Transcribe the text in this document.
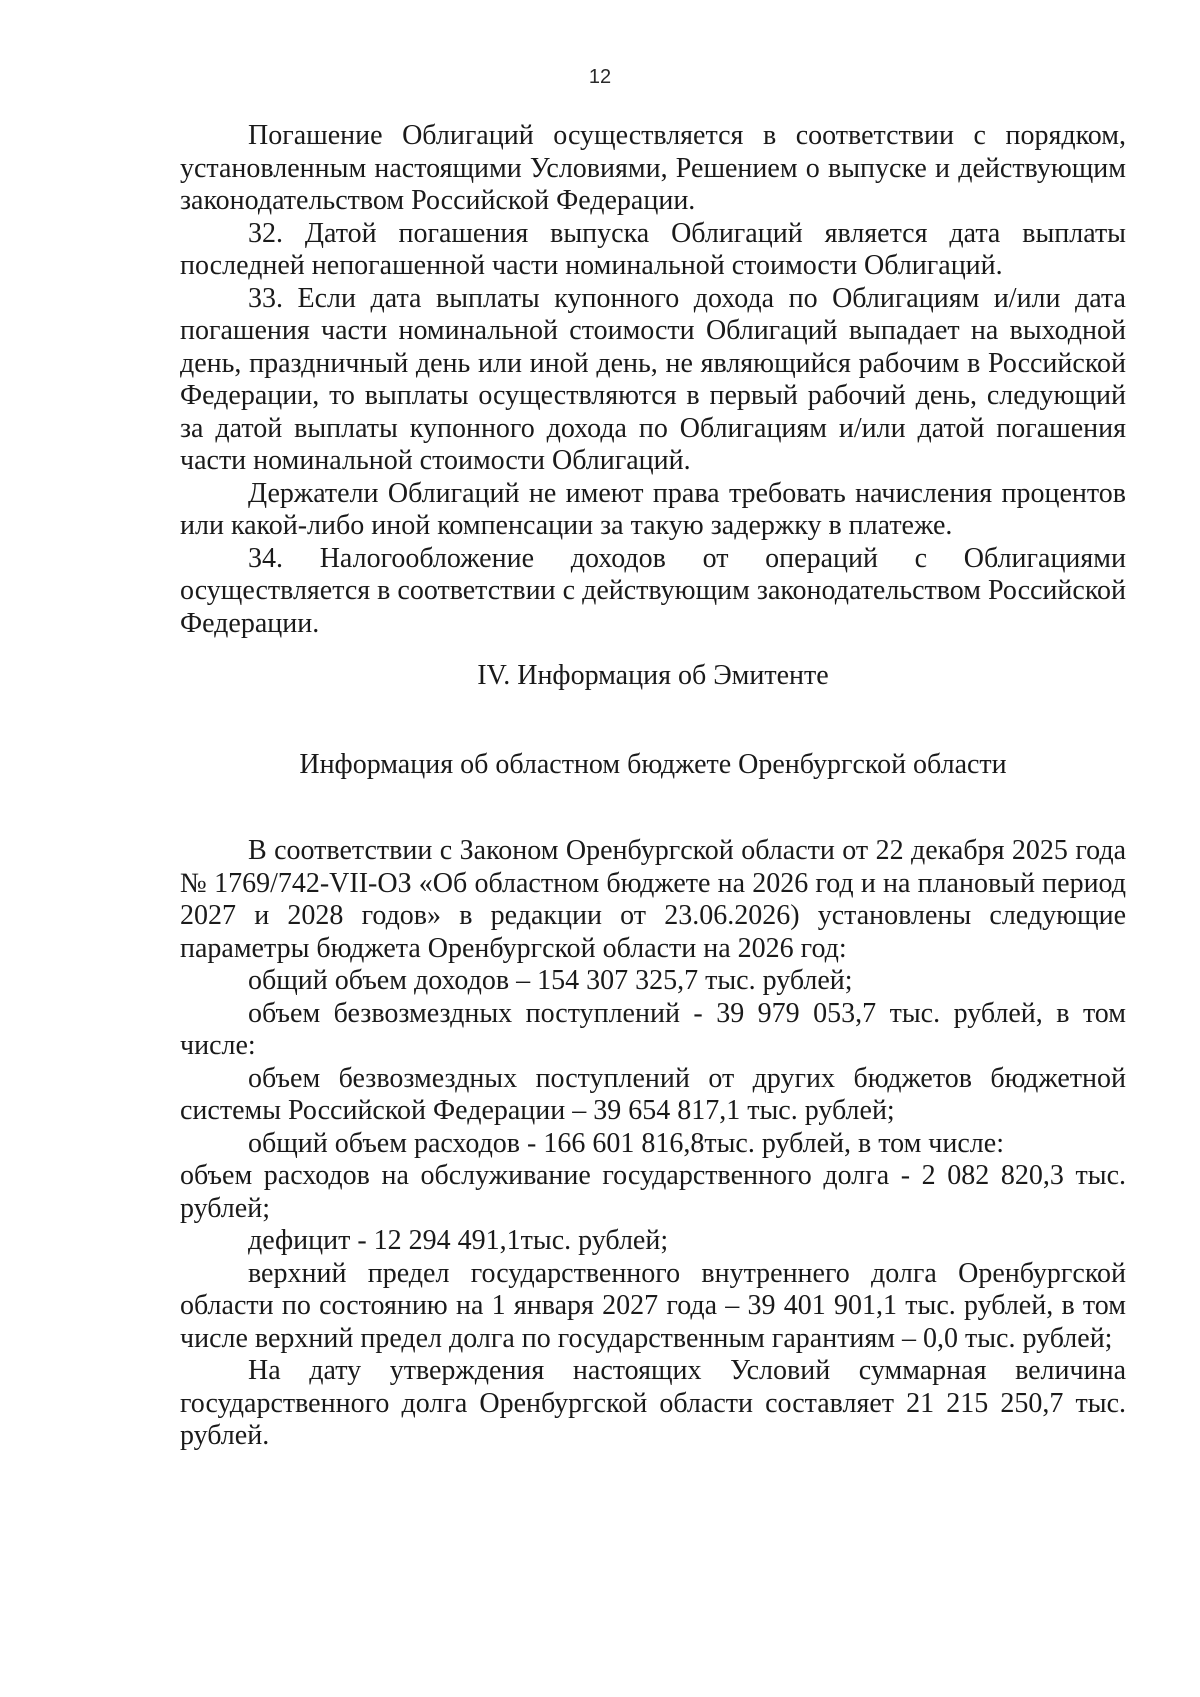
12

Погашение Облигаций осуществляется в соответствии с порядком, установленным настоящими Условиями, Решением о выпуске и действующим законодательством Российской Федерации.

32. Датой погашения выпуска Облигаций является дата выплаты последней непогашенной части номинальной стоимости Облигаций.

33. Если дата выплаты купонного дохода по Облигациям и/или дата погашения части номинальной стоимости Облигаций выпадает на выходной день, праздничный день или иной день, не являющийся рабочим в Российской Федерации, то выплаты осуществляются в первый рабочий день, следующий за датой выплаты купонного дохода по Облигациям и/или датой погашения части номинальной стоимости Облигаций.

Держатели Облигаций не имеют права требовать начисления процентов или какой-либо иной компенсации за такую задержку в платеже.

34. Налогообложение доходов от операций с Облигациями осуществляется в соответствии с действующим законодательством Российской Федерации.

IV. Информация об Эмитенте
Информация об областном бюджете Оренбургской области

В соответствии с Законом Оренбургской области от 22 декабря 2025 года № 1769/742-VII-ОЗ «Об областном бюджете на 2026 год и на плановый период 2027 и 2028 годов» в редакции от 23.06.2026) установлены следующие параметры бюджета Оренбургской области на 2026 год:

общий объем доходов – 154 307 325,7 тыс. рублей;

объем безвозмездных поступлений - 39 979 053,7 тыс. рублей, в том числе:

объем безвозмездных поступлений от других бюджетов бюджетной системы Российской Федерации – 39 654 817,1 тыс. рублей;

общий объем расходов - 166 601 816,8тыс. рублей, в том числе:

объем расходов на обслуживание государственного долга - 2 082 820,3 тыс. рублей;

дефицит - 12 294 491,1тыс. рублей;

верхний предел государственного внутреннего долга Оренбургской области по состоянию на 1 января 2027 года – 39 401 901,1 тыс. рублей, в том числе верхний предел долга по государственным гарантиям – 0,0 тыс. рублей;

На дату утверждения настоящих Условий суммарная величина государственного долга Оренбургской области составляет 21 215 250,7 тыс. рублей.
